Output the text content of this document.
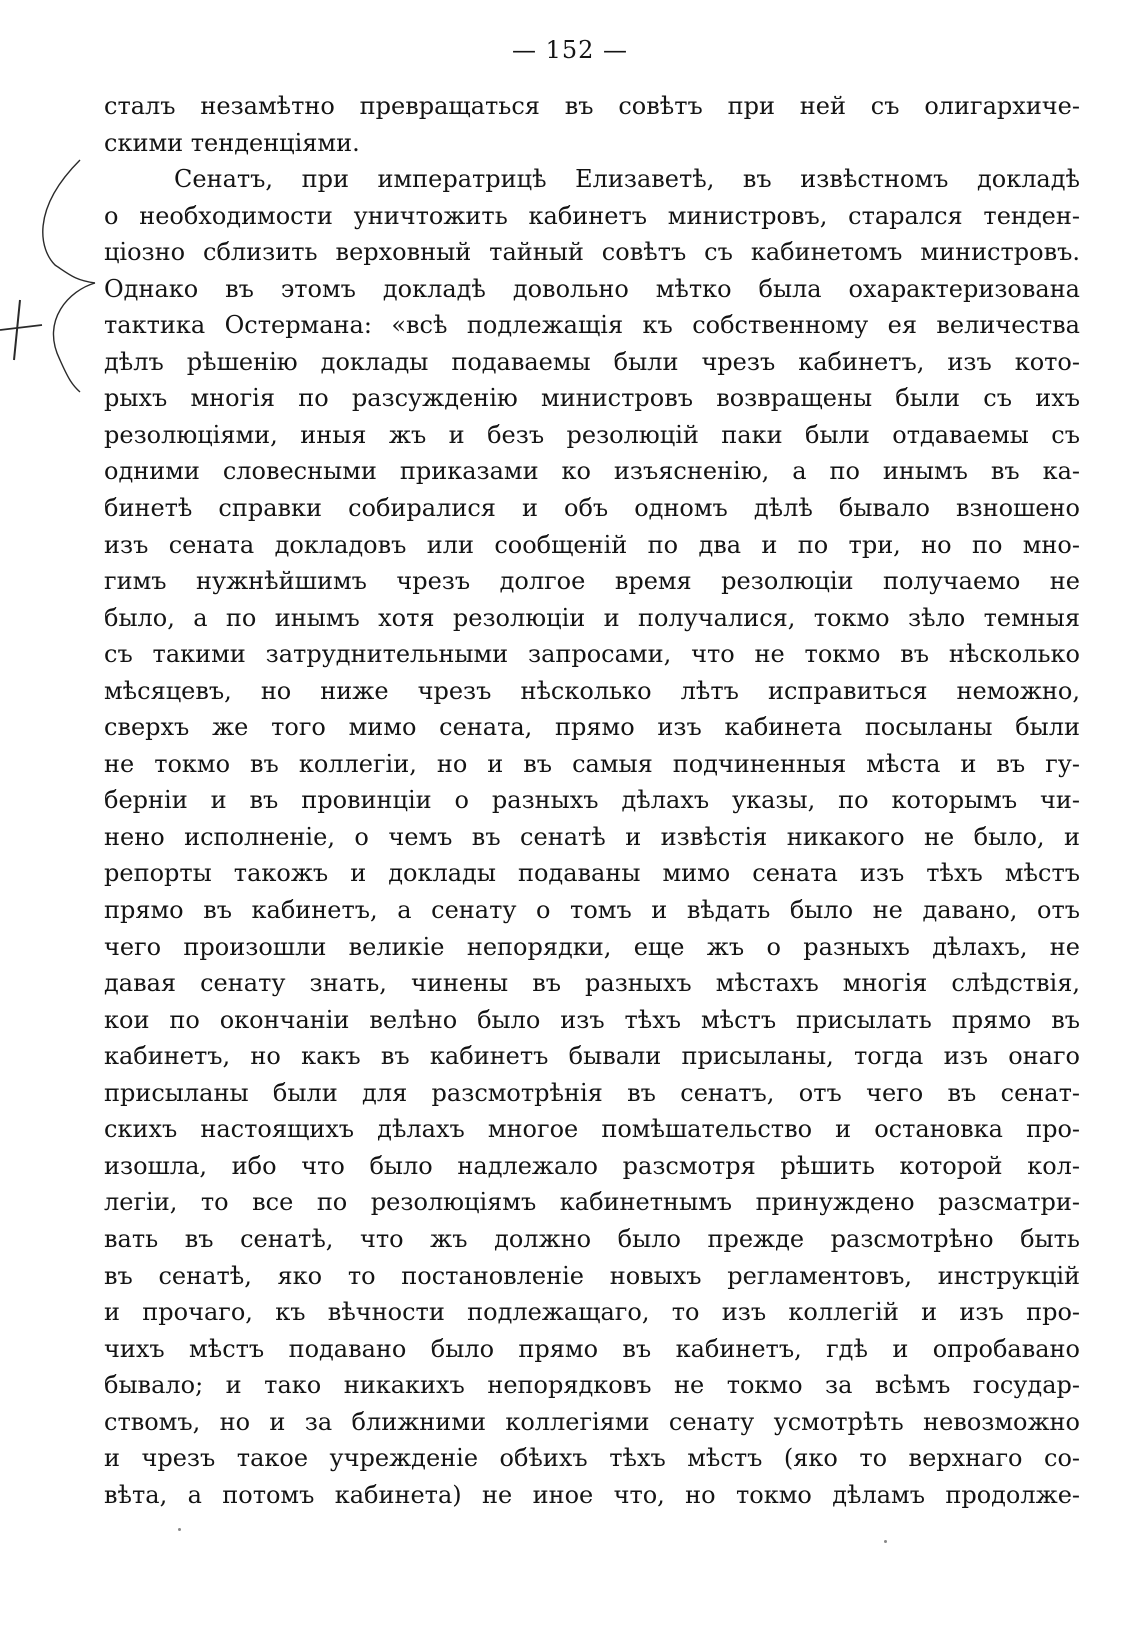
— 152 —
сталъ незамѣтно превращаться въ совѣтъ при ней съ олигархиче-
скими тенденціями.
Сенатъ, при императрицѣ Елизаветѣ, въ извѣстномъ докладѣ
о необходимости уничтожить кабинетъ министровъ, старался тенден-
ціозно сблизить верховный тайный совѣтъ съ кабинетомъ министровъ.
Однако въ этомъ докладѣ довольно мѣтко была охарактеризована
тактика Остермана: «всѣ подлежащія къ собственному ея величества
дѣлъ рѣшенію доклады подаваемы были чрезъ кабинетъ, изъ кото-
рыхъ многія по разсужденію министровъ возвращены были съ ихъ
резолюціями, иныя жъ и безъ резолюцій паки были отдаваемы съ
одними словесными приказами ко изъясненію, а по инымъ въ ка-
бинетѣ справки собиралися и объ одномъ дѣлѣ бывало взношено
изъ сената докладовъ или сообщеній по два и по три, но по мно-
гимъ нужнѣйшимъ чрезъ долгое время резолюціи получаемо не
было, а по инымъ хотя резолюціи и получалися, токмо зѣло темныя
съ такими затруднительными запросами, что не токмо въ нѣсколько
мѣсяцевъ, но ниже чрезъ нѣсколько лѣтъ исправиться неможно,
сверхъ же того мимо сената, прямо изъ кабинета посыланы были
не токмо въ коллегіи, но и въ самыя подчиненныя мѣста и въ гу-
берніи и въ провинціи о разныхъ дѣлахъ указы, по которымъ чи-
нено исполненіе, о чемъ въ сенатѣ и извѣстія никакого не было, и
репорты такожъ и доклады подаваны мимо сената изъ тѣхъ мѣстъ
прямо въ кабинетъ, а сенату о томъ и вѣдать было не давано, отъ
чего произошли великіе непорядки, еще жъ о разныхъ дѣлахъ, не
давая сенату знать, чинены въ разныхъ мѣстахъ многія слѣдствія,
кои по окончаніи велѣно было изъ тѣхъ мѣстъ присылать прямо въ
кабинетъ, но какъ въ кабинетъ бывали присыланы, тогда изъ онаго
присыланы были для разсмотрѣнія въ сенатъ, отъ чего въ сенат-
скихъ настоящихъ дѣлахъ многое помѣшательство и остановка про-
изошла, ибо что было надлежало разсмотря рѣшить которой кол-
легіи, то все по резолюціямъ кабинетнымъ принуждено разсматри-
вать въ сенатѣ, что жъ должно было прежде разсмотрѣно быть
въ сенатѣ, яко то постановленіе новыхъ регламентовъ, инструкцій
и прочаго, къ вѣчности подлежащаго, то изъ коллегій и изъ про-
чихъ мѣстъ подавано было прямо въ кабинетъ, гдѣ и опробавано
бывало; и тако никакихъ непорядковъ не токмо за всѣмъ государ-
ствомъ, но и за ближними коллегіями сенату усмотрѣть невозможно
и чрезъ такое учрежденіе обѣихъ тѣхъ мѣстъ (яко то верхнаго со-
вѣта, а потомъ кабинета) не иное что, но токмо дѣламъ продолже-
